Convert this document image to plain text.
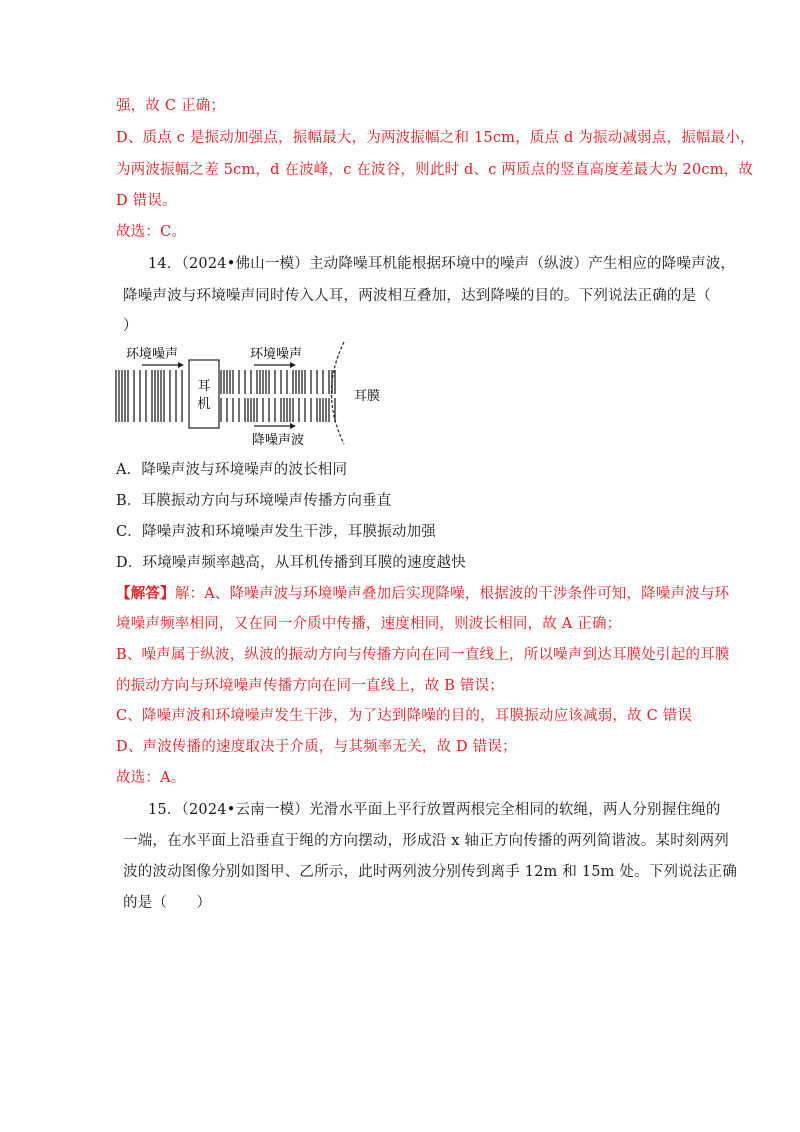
强，故 C 正确；
D、质点 c 是振动加强点，振幅最大，为两波振幅之和 15cm，质点 d 为振动减弱点，振幅最小，
为两波振幅之差 5cm，d 在波峰，c 在波谷，则此时 d、c 两质点的竖直高度差最大为 20cm，故
D 错误。
故选：C。
14．（2024•佛山一模）主动降噪耳机能根据环境中的噪声（纵波）产生相应的降噪声波，
降噪声波与环境噪声同时传入人耳，两波相互叠加，达到降噪的目的。下列说法正确的是（
）
耳
机
耳膜
环境噪声	环境噪声
降噪声波
A．降噪声波与环境噪声的波长相同
B．耳膜振动方向与环境噪声传播方向垂直
C．降噪声波和环境噪声发生干涉，耳膜振动加强
D．环境噪声频率越高，从耳机传播到耳膜的速度越快
【解答】解：A、降噪声波与环境噪声叠加后实现降噪，根据波的干涉条件可知，降噪声波与环
境噪声频率相同，又在同一介质中传播，速度相同，则波长相同，故 A 正确；
B、噪声属于纵波，纵波的振动方向与传播方向在同一直线上，所以噪声到达耳膜处引起的耳膜
的振动方向与环境噪声传播方向在同一直线上，故 B 错误；
C、降噪声波和环境噪声发生干涉，为了达到降噪的目的，耳膜振动应该减弱，故 C 错误
D、声波传播的速度取决于介质，与其频率无关，故 D 错误；
故选：A。
15．（2024•云南一模）光滑水平面上平行放置两根完全相同的软绳，两人分别握住绳的
一端，在水平面上沿垂直于绳的方向摆动，形成沿 x 轴正方向传播的两列简谐波。某时刻两列
波的波动图像分别如图甲、乙所示，此时两列波分别传到离手 12m 和 15m 处。下列说法正确
的是（　　）
